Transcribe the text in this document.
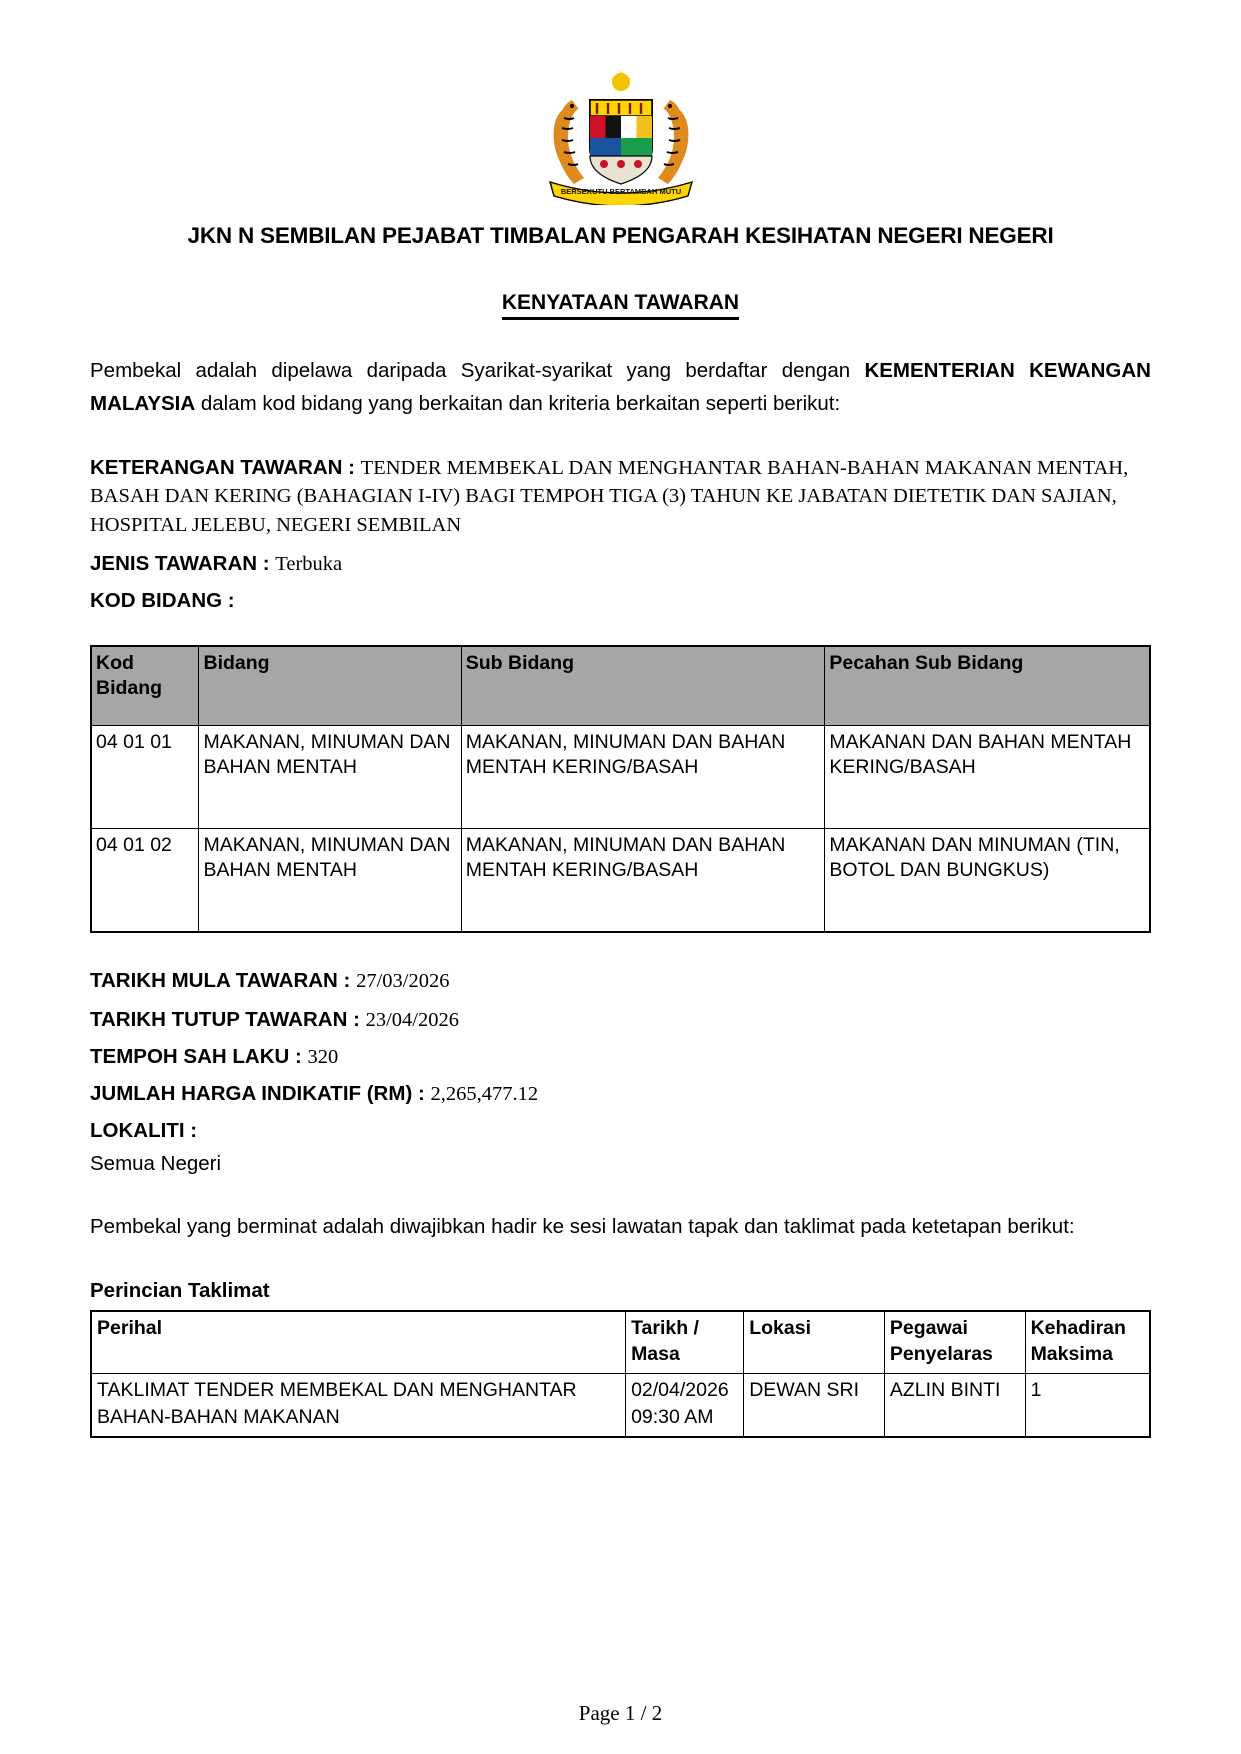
BERSEKUTU BERTAMBAH MUTU
JKN N SEMBILAN PEJABAT TIMBALAN PENGARAH KESIHATAN NEGERI NEGERI
KENYATAAN TAWARAN
Pembekal adalah dipelawa daripada Syarikat-syarikat yang berdaftar dengan KEMENTERIAN KEWANGAN MALAYSIA dalam kod bidang yang berkaitan dan kriteria berkaitan seperti berikut:
KETERANGAN TAWARAN : TENDER MEMBEKAL DAN MENGHANTAR BAHAN-BAHAN MAKANAN MENTAH, BASAH DAN KERING (BAHAGIAN I-IV) BAGI TEMPOH TIGA (3) TAHUN KE JABATAN DIETETIK DAN SAJIAN, HOSPITAL JELEBU, NEGERI SEMBILAN
JENIS TAWARAN : Terbuka
KOD BIDANG :
Kod Bidang	Bidang	Sub Bidang	Pecahan Sub Bidang
04 01 01	MAKANAN, MINUMAN DAN BAHAN MENTAH	MAKANAN, MINUMAN DAN BAHAN MENTAH KERING/BASAH	MAKANAN DAN BAHAN MENTAH KERING/BASAH
04 01 02	MAKANAN, MINUMAN DAN BAHAN MENTAH	MAKANAN, MINUMAN DAN BAHAN MENTAH KERING/BASAH	MAKANAN DAN MINUMAN (TIN, BOTOL DAN BUNGKUS)
TARIKH MULA TAWARAN : 27/03/2026
TARIKH TUTUP TAWARAN : 23/04/2026
TEMPOH SAH LAKU : 320
JUMLAH HARGA INDIKATIF (RM) : 2,265,477.12
LOKALITI :
Semua Negeri
Pembekal yang berminat adalah diwajibkan hadir ke sesi lawatan tapak dan taklimat pada ketetapan berikut:
Perincian Taklimat
Perihal	Tarikh / Masa	Lokasi	Pegawai Penyelaras	Kehadiran Maksima
TAKLIMAT TENDER MEMBEKAL DAN MENGHANTAR BAHAN-BAHAN MAKANAN	02/04/2026 09:30 AM	DEWAN SRI	AZLIN BINTI	1
Page 1 / 2
